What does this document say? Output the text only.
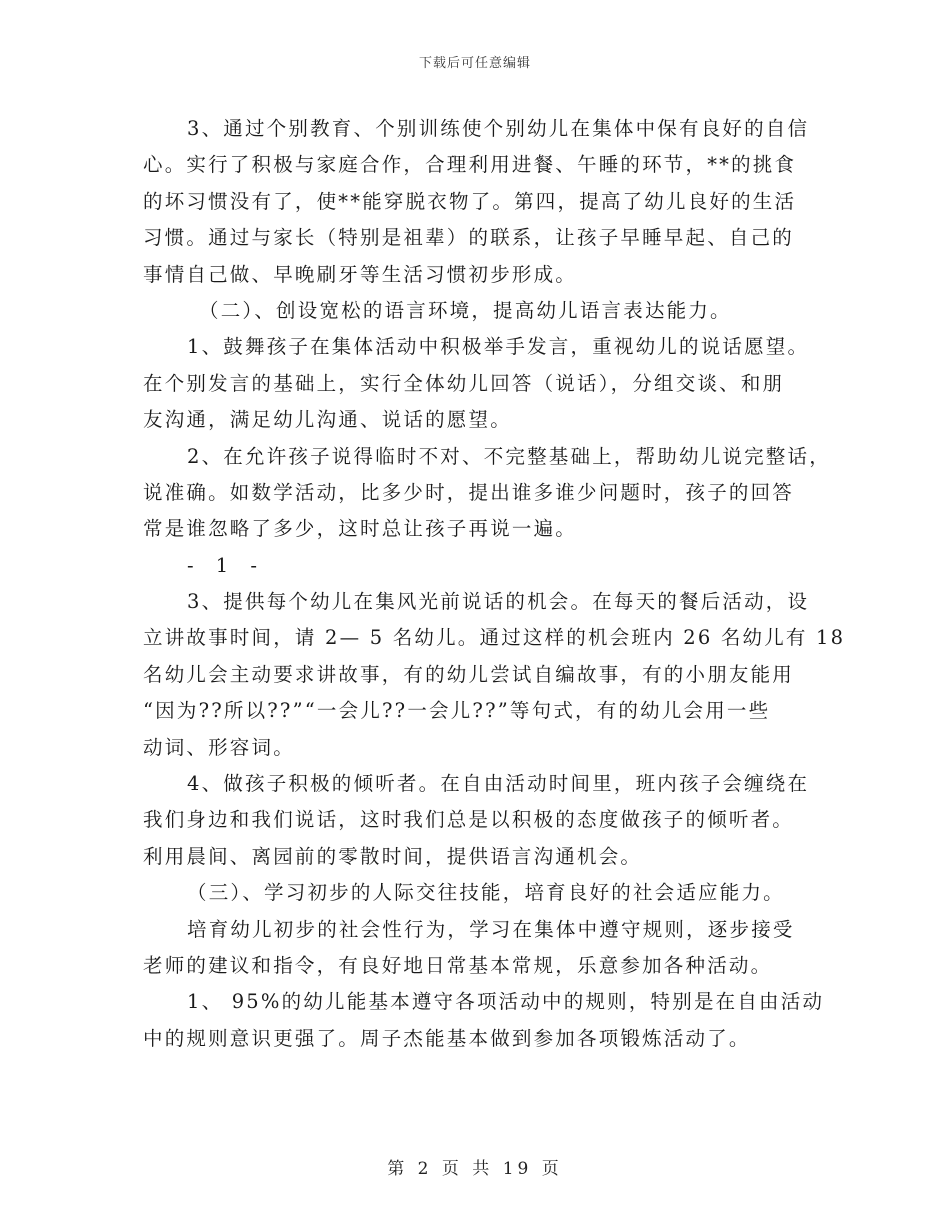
下载后可任意编辑
3、通过个别教育、个别训练使个别幼儿在集体中保有良好的自信
心。实行了积极与家庭合作，合理利用进餐、午睡的环节，**的挑食
的坏习惯没有了，使**能穿脱衣物了。第四，提高了幼儿良好的生活
习惯。通过与家长（特别是祖辈）的联系，让孩子早睡早起、自己的
事情自己做、早晚刷牙等生活习惯初步形成。
（二）、创设宽松的语言环境，提高幼儿语言表达能力。
1、鼓舞孩子在集体活动中积极举手发言，重视幼儿的说话愿望。
在个别发言的基础上，实行全体幼儿回答（说话），分组交谈、和朋
友沟通，满足幼儿沟通、说话的愿望。
2、在允许孩子说得临时不对、不完整基础上，帮助幼儿说完整话，
说准确。如数学活动，比多少时，提出谁多谁少问题时，孩子的回答
常是谁忽略了多少，这时总让孩子再说一遍。
- 1 -
3、提供每个幼儿在集风光前说话的机会。在每天的餐后活动，设
立讲故事时间，请 2— 5 名幼儿。通过这样的机会班内 26 名幼儿有 18
名幼儿会主动要求讲故事，有的幼儿尝试自编故事，有的小朋友能用
“因为??所以??”“一会儿??一会儿??”等句式，有的幼儿会用一些
动词、形容词。
4、做孩子积极的倾听者。在自由活动时间里，班内孩子会缠绕在
我们身边和我们说话，这时我们总是以积极的态度做孩子的倾听者。
利用晨间、离园前的零散时间，提供语言沟通机会。
（三）、学习初步的人际交往技能，培育良好的社会适应能力。
培育幼儿初步的社会性行为，学习在集体中遵守规则，逐步接受
老师的建议和指令，有良好地日常基本常规，乐意参加各种活动。
1、 95%的幼儿能基本遵守各项活动中的规则，特别是在自由活动
中的规则意识更强了。周子杰能基本做到参加各项锻炼活动了。
第 2 页 共 19 页
